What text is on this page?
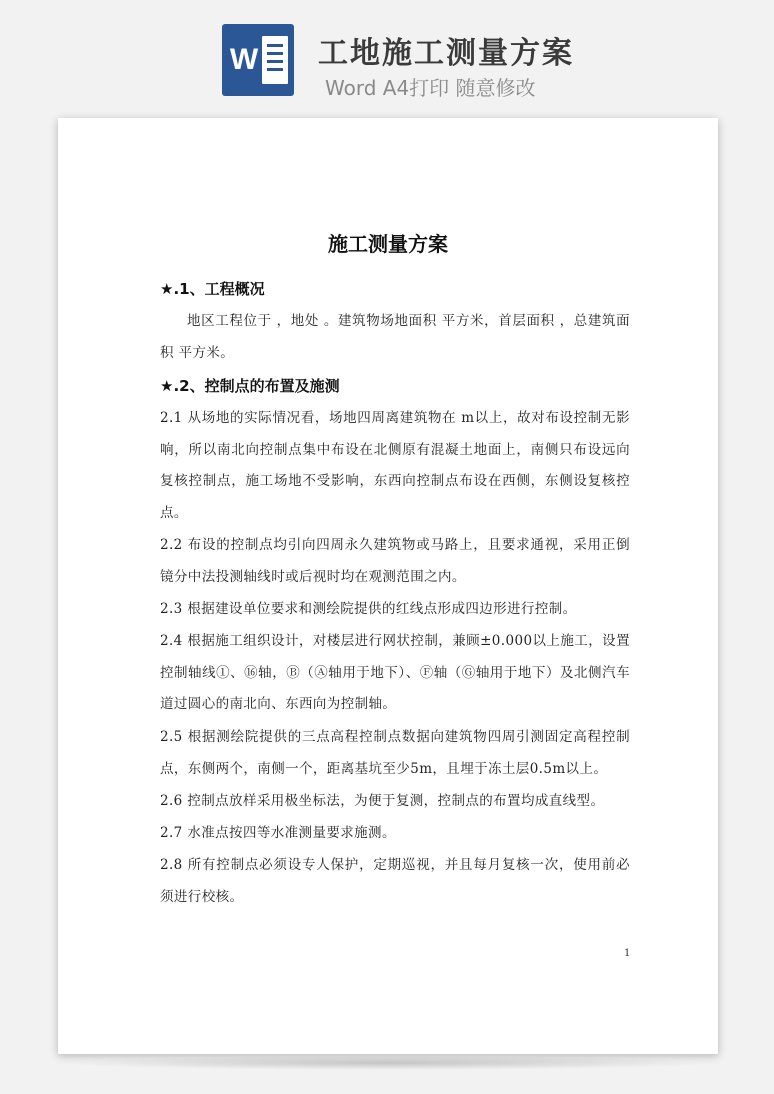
W 工地施工测量方案
Word A4打印 随意修改
施工测量方案
★.1、工程概况
地区工程位于 ，地处 。建筑物场地面积 平方米，首层面积 ，总建筑面积 平方米。
★.2、控制点的布置及施测
2.1 从场地的实际情况看，场地四周离建筑物在 m以上，故对布设控制无影响，所以南北向控制点集中布设在北侧原有混凝土地面上，南侧只布设远向复核控制点，施工场地不受影响，东西向控制点布设在西侧，东侧设复核控点。
2.2 布设的控制点均引向四周永久建筑物或马路上，且要求通视，采用正倒镜分中法投测轴线时或后视时均在观测范围之内。
2.3 根据建设单位要求和测绘院提供的红线点形成四边形进行控制。
2.4 根据施工组织设计，对楼层进行网状控制，兼顾±0.000以上施工，设置控制轴线①、⑯轴，Ⓑ（Ⓐ轴用于地下）、Ⓕ轴（Ⓖ轴用于地下）及北侧汽车道过圆心的南北向、东西向为控制轴。
2.5 根据测绘院提供的三点高程控制点数据向建筑物四周引测固定高程控制点，东侧两个，南侧一个，距离基坑至少5m，且埋于冻土层0.5m以上。
2.6 控制点放样采用极坐标法，为便于复测，控制点的布置均成直线型。
2.7 水准点按四等水准测量要求施测。
2.8 所有控制点必须设专人保护，定期巡视，并且每月复核一次，使用前必须进行校核。
1
